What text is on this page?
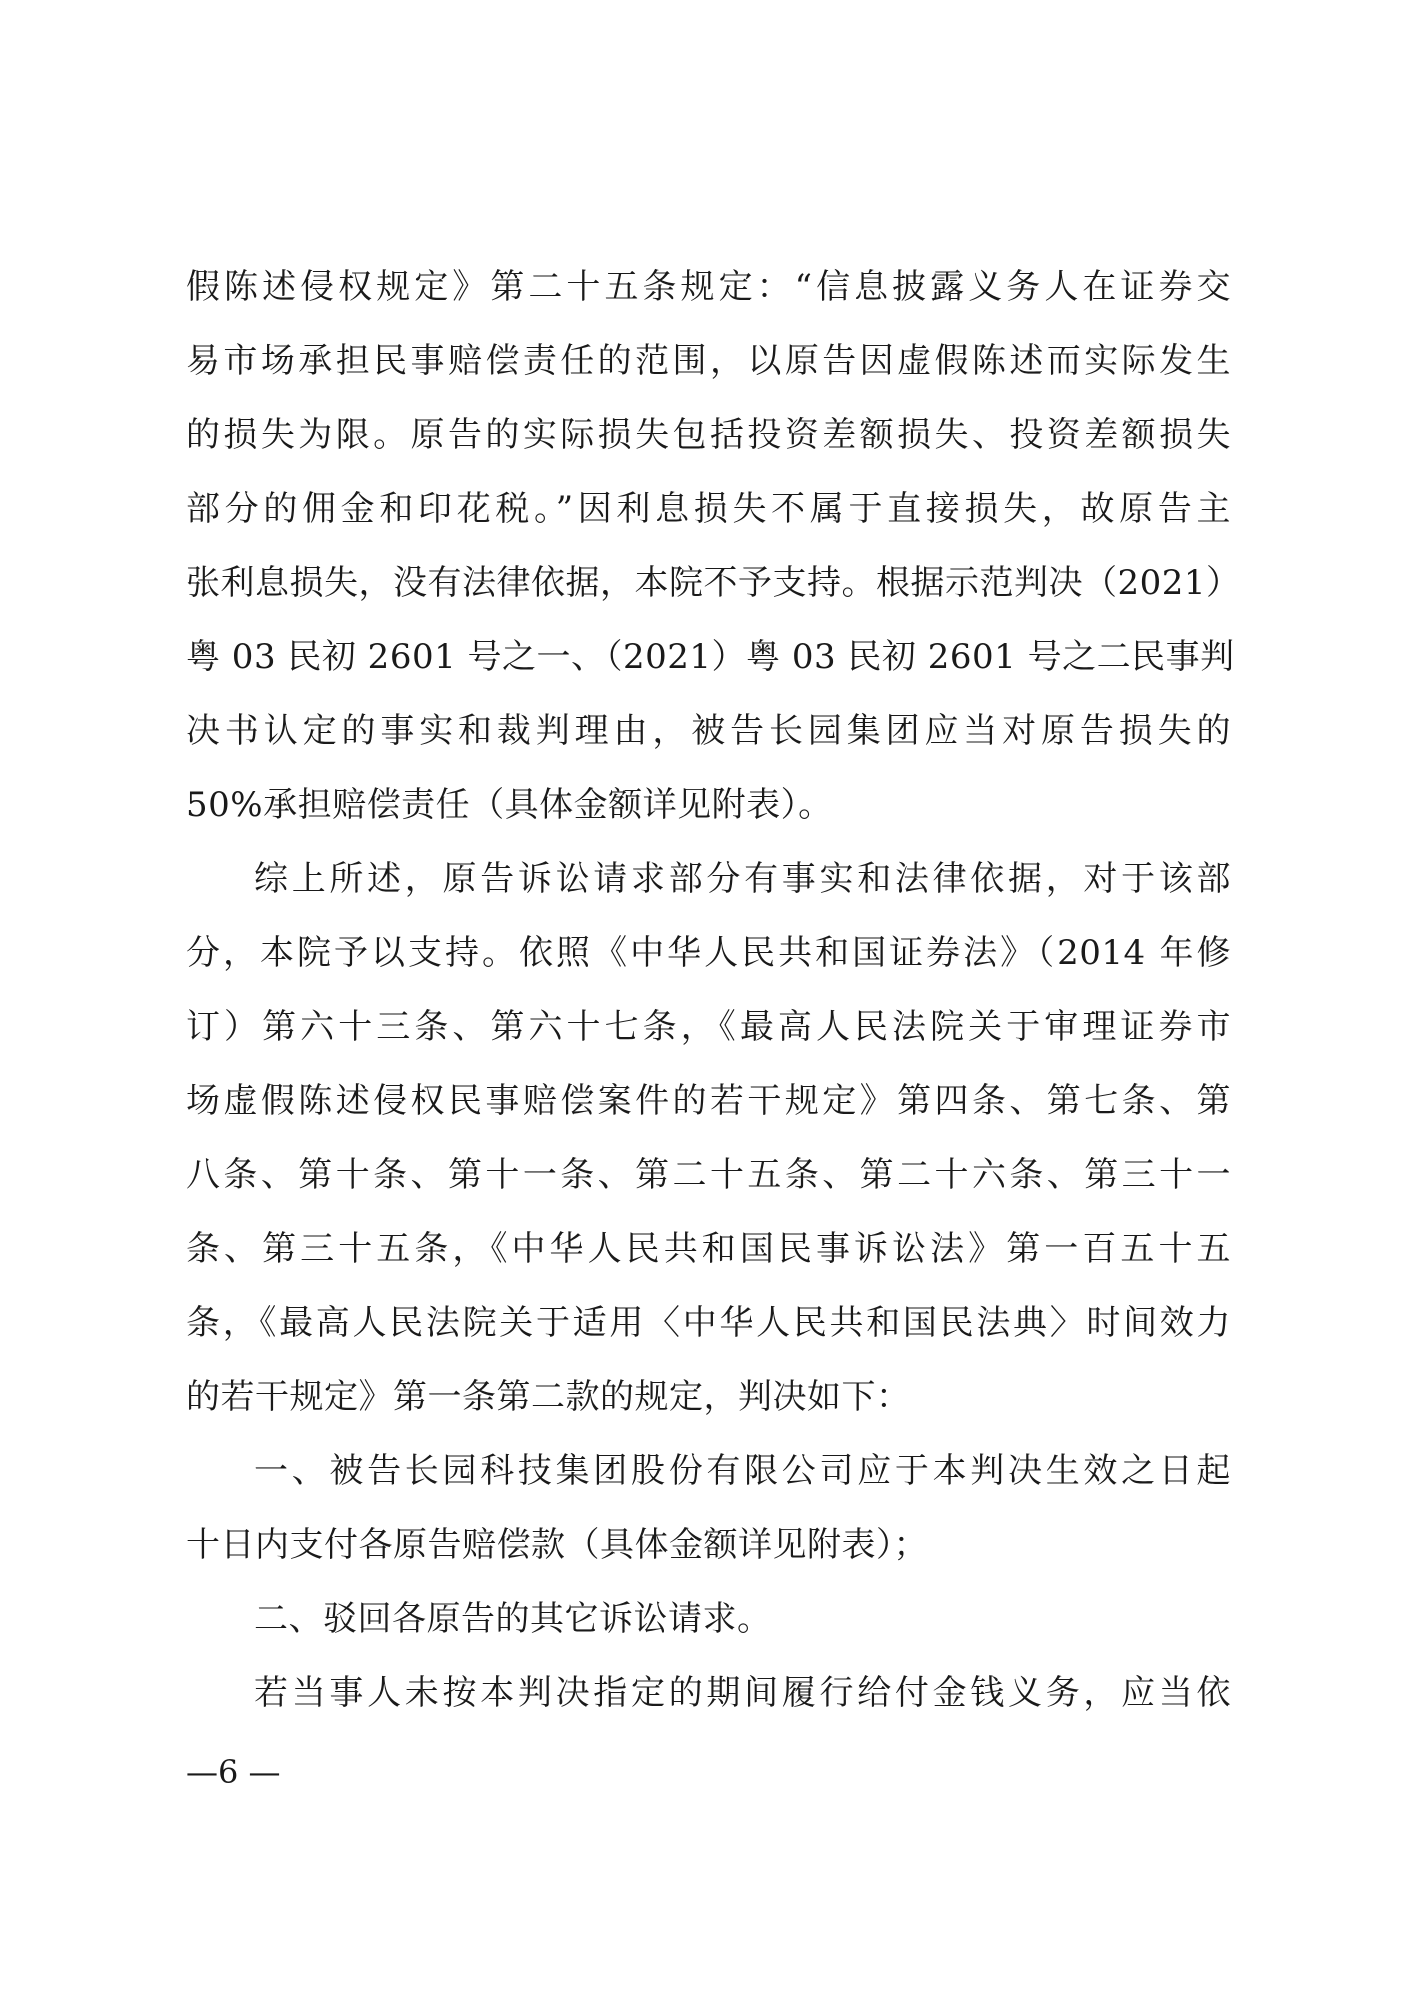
假陈述侵权规定》第二十五条规定：“信息披露义务人在证券交
易市场承担民事赔偿责任的范围，以原告因虚假陈述而实际发生
的损失为限。原告的实际损失包括投资差额损失、投资差额损失
部分的佣金和印花税。”因利息损失不属于直接损失，故原告主
张利息损失，没有法律依据，本院不予支持。根据示范判决（2021）
粤 03 民初 2601 号之一、（2021）粤 03 民初 2601 号之二民事判
决书认定的事实和裁判理由，被告长园集团应当对原告损失的
50%承担赔偿责任（具体金额详见附表）。
综上所述，原告诉讼请求部分有事实和法律依据，对于该部
分，本院予以支持。依照《中华人民共和国证券法》（2014 年修
订）第六十三条、第六十七条，《最高人民法院关于审理证券市
场虚假陈述侵权民事赔偿案件的若干规定》第四条、第七条、第
八条、第十条、第十一条、第二十五条、第二十六条、第三十一
条、第三十五条，《中华人民共和国民事诉讼法》第一百五十五
条，《最高人民法院关于适用〈中华人民共和国民法典〉时间效力
的若干规定》第一条第二款的规定，判决如下：
一、被告长园科技集团股份有限公司应于本判决生效之日起
十日内支付各原告赔偿款（具体金额详见附表）；
二、驳回各原告的其它诉讼请求。
若当事人未按本判决指定的期间履行给付金钱义务，应当依
—6 —
